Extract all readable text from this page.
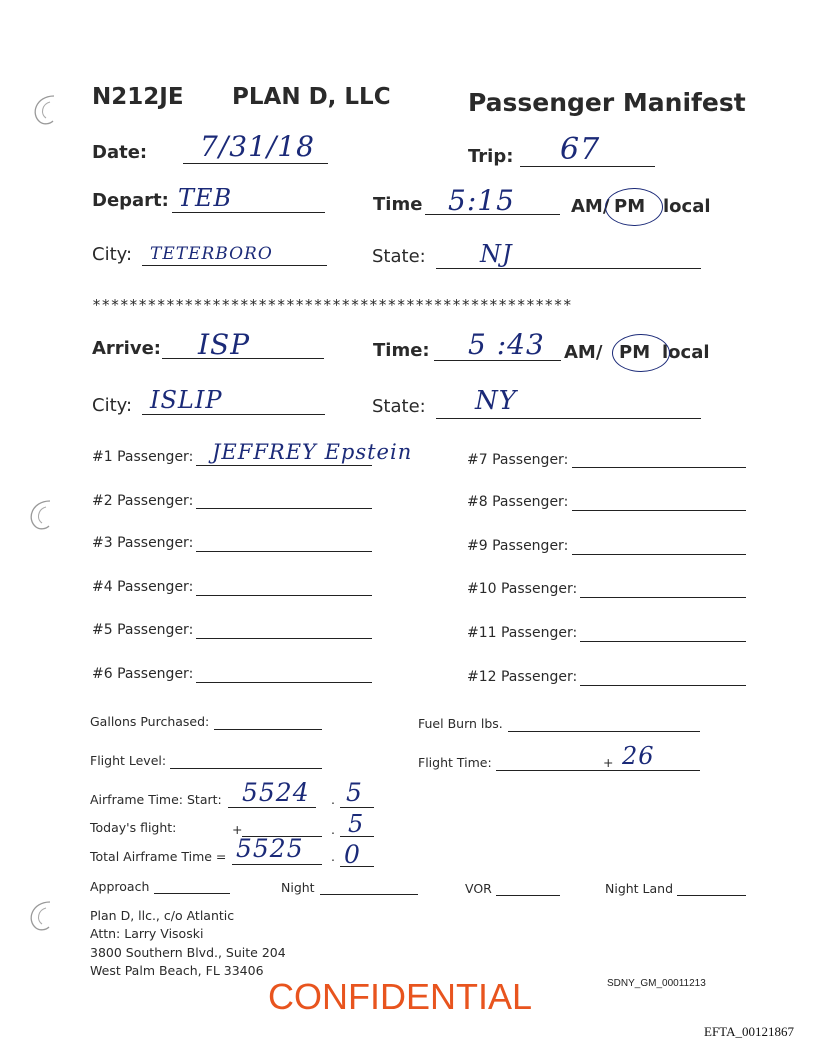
N212JE PLAN D, LLC	Passenger Manifest
Date: 7/31/18	Trip: 67
Depart: TEB	Time 5:15	AM/ PM local
City: TETERBORO	State: NJ
****************************************************
Arrive: ISP	Time: 5 :43 AM/ PM local
City: ISLIP	State: NY
#1 Passenger: JEFFREY Epstein
#2 Passenger:
#3 Passenger:
#4 Passenger:
#5 Passenger:
#6 Passenger:
#7 Passenger:
#8 Passenger:
#9 Passenger:
#10 Passenger:
#11 Passenger:
#12 Passenger:
Gallons Purchased:	Fuel Burn lbs.
Flight Level:	Flight Time:	+ 26
Airframe Time: Start: 5524 . 5
Today's flight:	+	. 5
Total Airframe Time = 5525 . 0
Approach	Night	VOR	Night Land
Plan D, llc., c/o Atlantic
Attn: Larry Visoski
3800 Southern Blvd., Suite 204
West Palm Beach, FL 33406
CONFIDENTIAL	SDNY_GM_00011213
EFTA_00121867
